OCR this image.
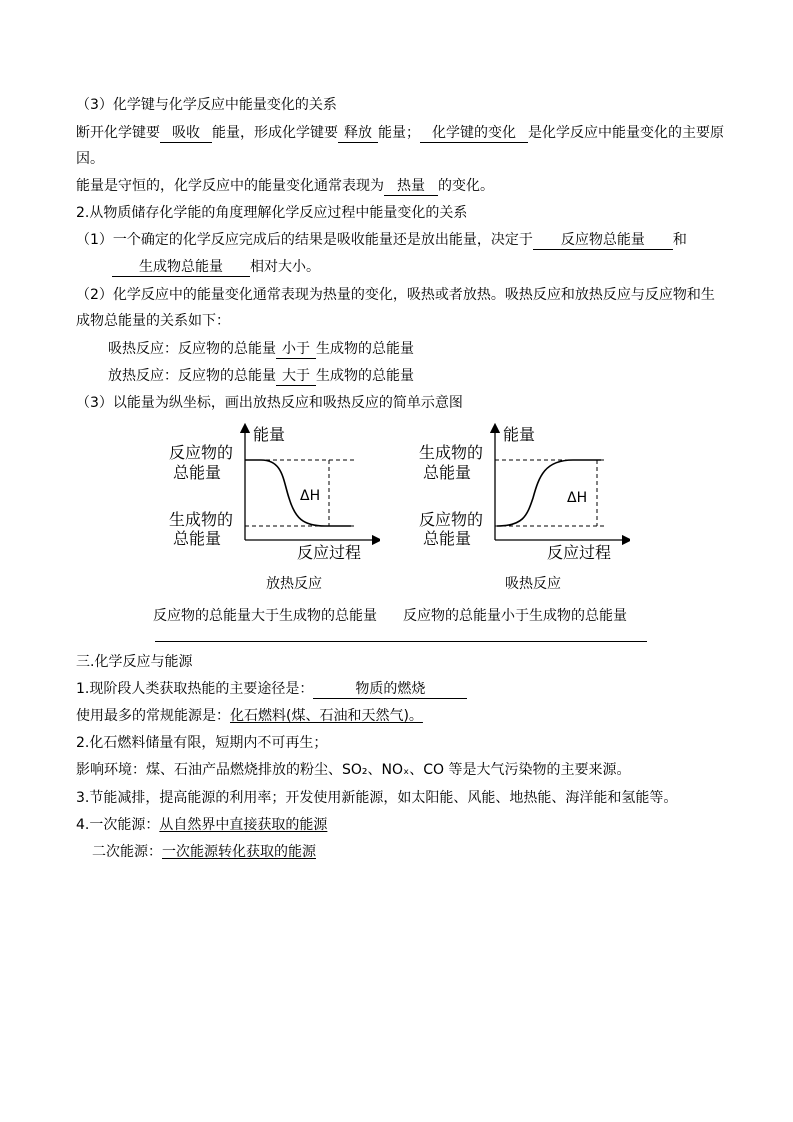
（3）化学键与化学反应中能量变化的关系
断开化学键要 吸收 能量，形成化学键要 释放 能量； 化学键的变化 是化学反应中能量变化的主要原
因。
能量是守恒的，化学反应中的能量变化通常表现为 热量 的变化。
2.从物质储存化学能的角度理解化学反应过程中能量变化的关系
（1）一个确定的化学反应完成后的结果是吸收能量还是放出能量，决定于 反应物总能量 和
生成物总能量 相对大小。
（2）化学反应中的能量变化通常表现为热量的变化，吸热或者放热。吸热反应和放热反应与反应物和生
成物总能量的关系如下：
吸热反应：反应物的总能量 小于 生成物的总能量
放热反应：反应物的总能量 大于 生成物的总能量
（3）以能量为纵坐标，画出放热反应和吸热反应的简单示意图
能量
反应过程
反应物的
总能量
生成物的
总能量
ΔH
放热反应
能量
反应过程
生成物的
总能量
反应物的
总能量
ΔH
吸热反应
反应物的总能量大于生成物的总能量 反应物的总能量小于生成物的总能量
三.化学反应与能源
1.现阶段人类获取热能的主要途径是：	物质的燃烧
使用最多的常规能源是：化石燃料(煤、石油和天然气)。
2.化石燃料储量有限，短期内不可再生；
影响环境：煤、石油产品燃烧排放的粉尘、SO₂、NOₓ、CO 等是大气污染物的主要来源。
3.节能减排，提高能源的利用率；开发使用新能源，如太阳能、风能、地热能、海洋能和氢能等。
4.一次能源：从自然界中直接获取的能源
二次能源：一次能源转化获取的能源
